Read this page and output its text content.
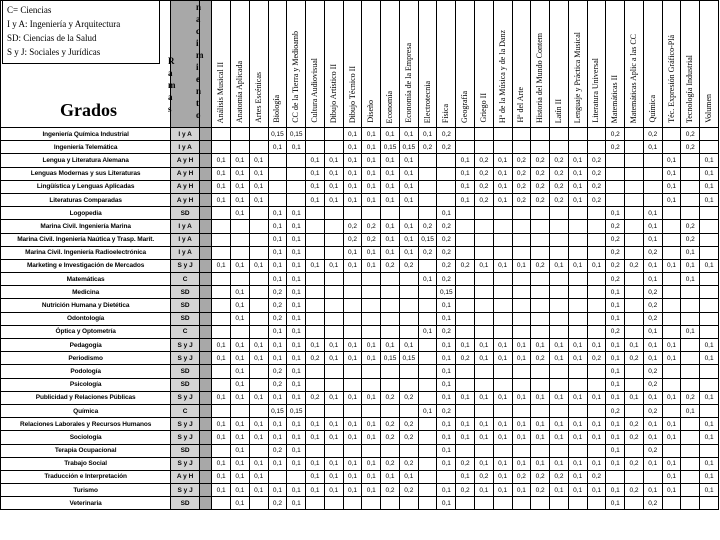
			Análisis Musical II	Anatomía Aplicada	Artes Escénicas	Biología	CC de la Tierra y Medioamb	Cultura Audiovisual	Dibujo Artístico II	Dibujo Técnico II	Diseño	Economía	Economía de la Empresa	Electrotecnia	Física	Geografía	Griego II	Hª de la Música y de la Danz	Hª del Arte	Historia del Mundo Contem	Latín II	Lenguaje y Práctica Musical	Literatura Universal	Matemáticas II	Matemáticas Aplic a las CC	Química	Téc. Expresión Gráfico-Plá	Tecnología Industrial	Volumen

Ingeniería Química Industrial	I y A					0,15	0,15			0,1	0,1	0,1	0,1	0,1	0,2									0,2		0,2		0,2	
Ingeniería Telemática	I y A					0,1	0,1			0,1	0,1	0,15	0,15	0,2	0,2									0,2		0,1		0,2	
Lengua y Literatura Alemana	A y H		0,1	0,1	0,1			0,1	0,1	0,1	0,1	0,1	0,1			0,1	0,2	0,1	0,2	0,2	0,2	0,1	0,2				0,1		0,1
Lenguas Modernas y sus Literaturas	A y H		0,1	0,1	0,1			0,1	0,1	0,1	0,1	0,1	0,1			0,1	0,2	0,1	0,2	0,2	0,2	0,1	0,2				0,1		0,1
Lingüística y Lenguas Aplicadas	A y H		0,1	0,1	0,1			0,1	0,1	0,1	0,1	0,1	0,1			0,1	0,2	0,1	0,2	0,2	0,2	0,1	0,2				0,1		0,1
Literaturas Comparadas	A y H		0,1	0,1	0,1			0,1	0,1	0,1	0,1	0,1	0,1			0,1	0,2	0,1	0,2	0,2	0,2	0,1	0,2				0,1		0,1
Logopedia	SD			0,1		0,1	0,1								0,1									0,1		0,1			
Marina Civil. Ingeniería Marina	I y A					0,1	0,1			0,2	0,2	0,1	0,1	0,2	0,2									0,2		0,1		0,2	
Marina Civil. Ingeniería Naútica y Trasp. Marít.	I y A					0,1	0,1			0,2	0,2	0,1	0,1	0,15	0,2									0,2		0,1		0,2	
Marina Civil. Ingeniería Radioelectrónica	I y A					0,1	0,1			0,1	0,1	0,1	0,1	0,2	0,2									0,2		0,2		0,1	
Marketing e Investigación de Mercados	S y J		0,1	0,1	0,1	0,1	0,1	0,1	0,1	0,1	0,1	0,2	0,2		0,2	0,2	0,1	0,1	0,1	0,2	0,1	0,1	0,1	0,2	0,2	0,1	0,1	0,1	0,1
Matemáticas	C					0,1	0,1							0,1	0,2									0,2		0,1		0,1	
Medicina	SD			0,1		0,2	0,1								0,15									0,1		0,2			
Nutrición Humana y Dietética	SD			0,1		0,2	0,1								0,1									0,1		0,2			
Odontología	SD			0,1		0,2	0,1								0,1									0,1		0,2			
Óptica y Optometría	C					0,1	0,1							0,1	0,2									0,2		0,1		0,1	
Pedagogía	S y J		0,1	0,1	0,1	0,1	0,1	0,1	0,1	0,1	0,1	0,1	0,1		0,1	0,1	0,1	0,1	0,1	0,1	0,1	0,1	0,1	0,1	0,1	0,1	0,1		0,1
Periodismo	S y J		0,1	0,1	0,1	0,1	0,1	0,2	0,1	0,1	0,1	0,15	0,15		0,1	0,2	0,1	0,1	0,1	0,2	0,1	0,1	0,2	0,1	0,2	0,1	0,1		0,1
Podología	SD			0,1		0,2	0,1								0,1									0,1		0,2			
Psicología	SD			0,1		0,2	0,1								0,1									0,1		0,2			
Publicidad y Relaciones Públicas	S y J		0,1	0,1	0,1	0,1	0,1	0,2	0,1	0,1	0,1	0,2	0,2		0,1	0,1	0,1	0,1	0,1	0,1	0,1	0,1	0,1	0,1	0,1	0,1	0,1	0,2	0,1
Química	C					0,15	0,15							0,1	0,2									0,2		0,2		0,1	
Relaciones Laborales y Recursos Humanos	S y J		0,1	0,1	0,1	0,1	0,1	0,1	0,1	0,1	0,1	0,2	0,2		0,1	0,1	0,1	0,1	0,1	0,1	0,1	0,1	0,1	0,1	0,2	0,1	0,1		0,1
Sociología	S y J		0,1	0,1	0,1	0,1	0,1	0,1	0,1	0,1	0,1	0,2	0,2		0,1	0,1	0,1	0,1	0,1	0,1	0,1	0,1	0,1	0,1	0,2	0,1	0,1		0,1
Terapia Ocupacional	SD			0,1		0,2	0,1								0,1									0,1		0,2			
Trabajo Social	S y J		0,1	0,1	0,1	0,1	0,1	0,1	0,1	0,1	0,1	0,2	0,2		0,1	0,2	0,1	0,1	0,1	0,1	0,1	0,1	0,1	0,1	0,2	0,1	0,1		0,1
Traducción e Interpretación	A y H		0,1	0,1	0,1			0,1	0,1	0,1	0,1	0,1	0,1			0,1	0,2	0,1	0,2	0,2	0,2	0,1	0,2				0,1		0,1
Turismo	S y J		0,1	0,1	0,1	0,1	0,1	0,1	0,1	0,1	0,1	0,2	0,2		0,1	0,2	0,1	0,1	0,1	0,2	0,1	0,1	0,1	0,1	0,2	0,1	0,1		0,1
Veterinaria	SD			0,1		0,2	0,1								0,1									0,1		0,2			
C= Ciencias
I y A: Ingeniería y Arquitectura
SD: Ciencias de la Salud
S y J: Sociales y Jurídicas
Grados
R
a
m
a
s
n
a
c
i
m
i
e
n
t
o
